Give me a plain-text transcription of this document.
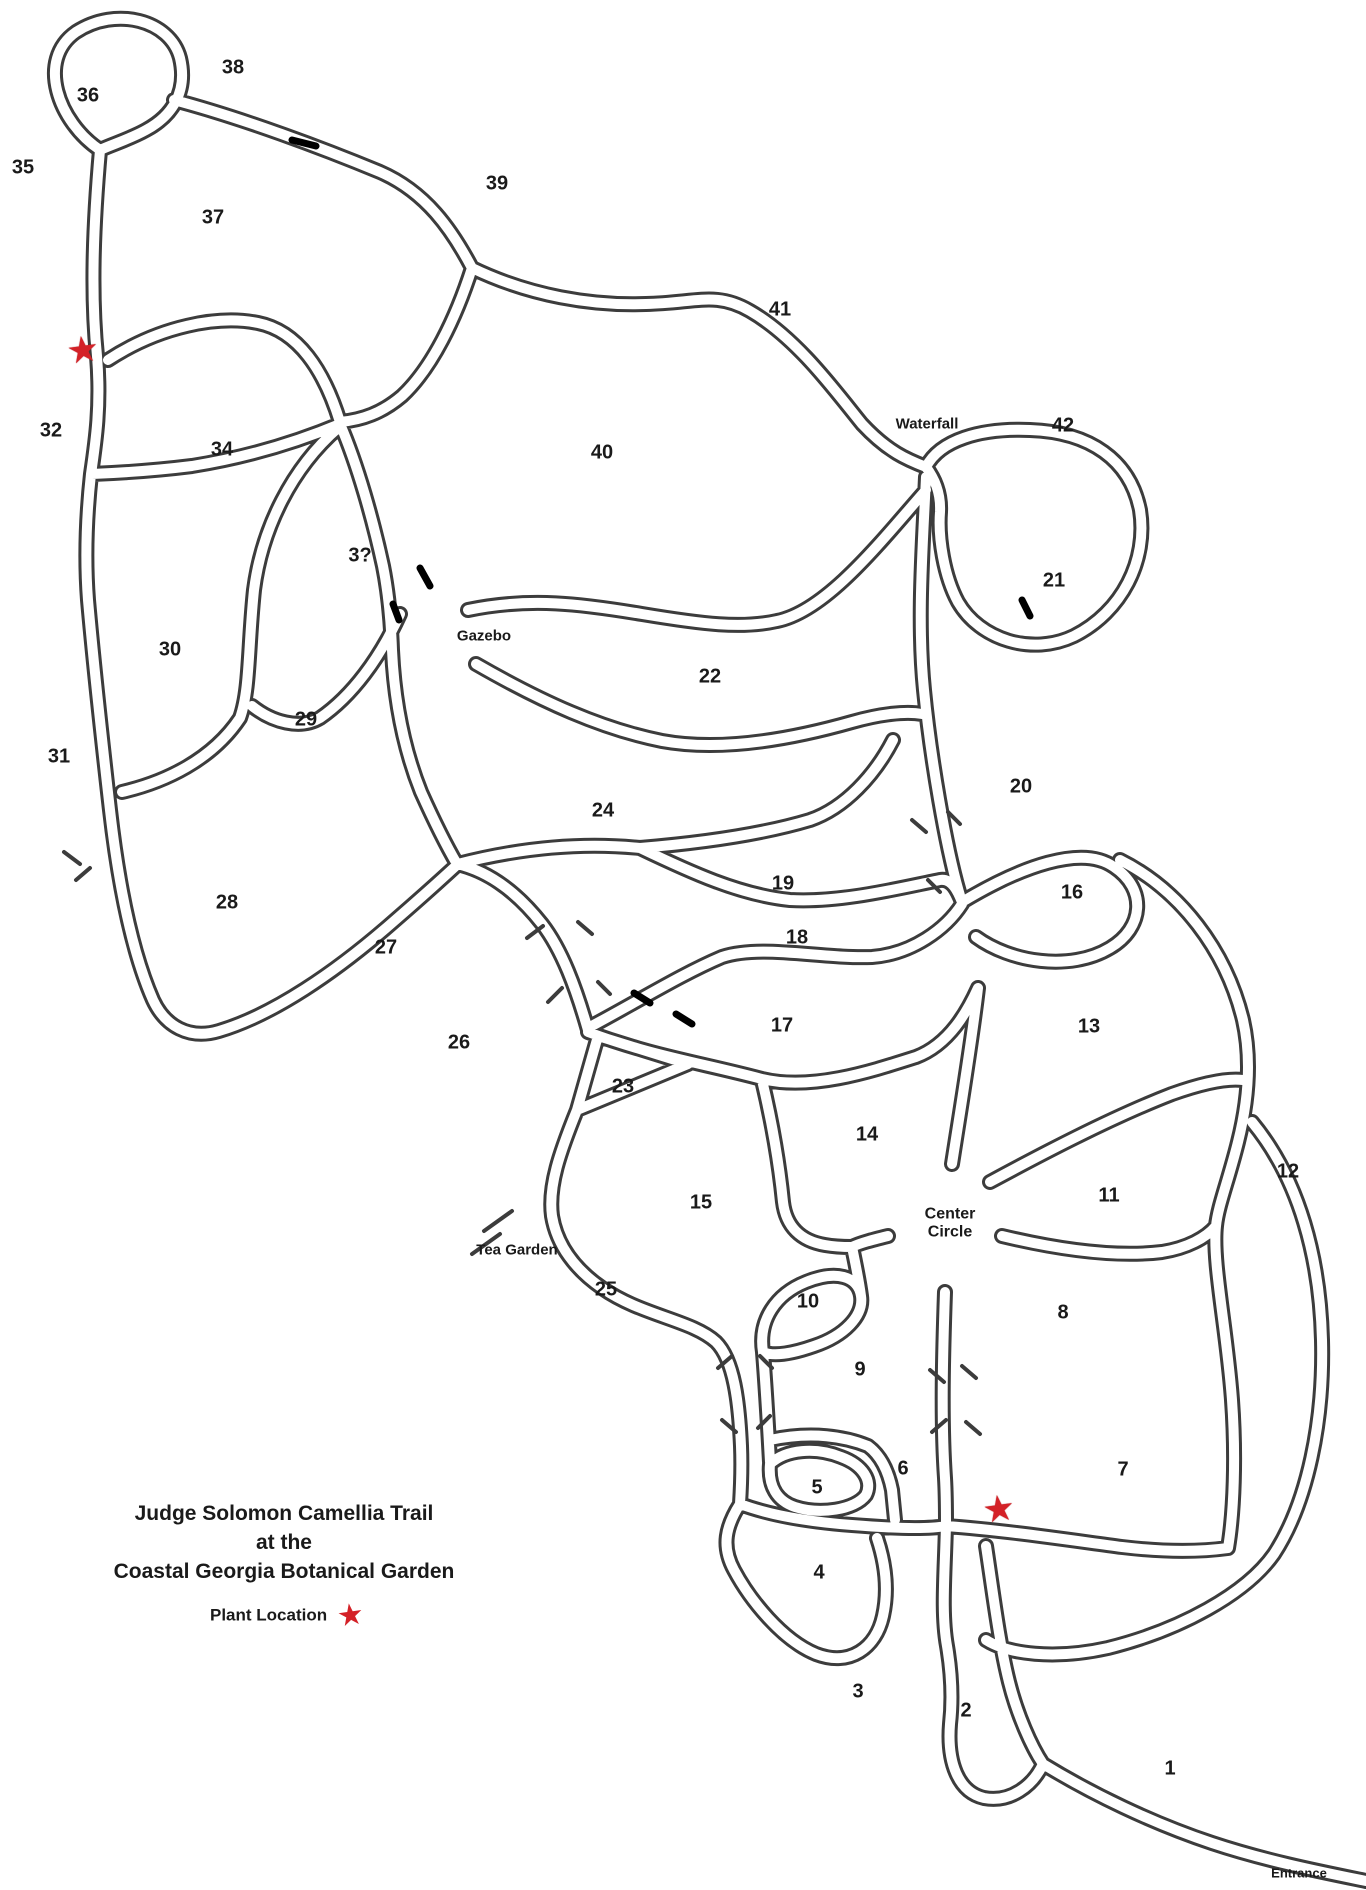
Judge Solomon Camellia Trail
at the
Coastal Georgia Botanical Garden
Plant Location ★
1
2
3
4
5
6	7
8
9
10
11
12
13
14
15
16
17
18
19
20
21
22
23
24
25
26
27
28
29
30
31
32
3?
34
35
36
37
38
39
40
41
42
Waterfall
Gazebo
Center Circle
Tea Garden
Entrance
★
★
